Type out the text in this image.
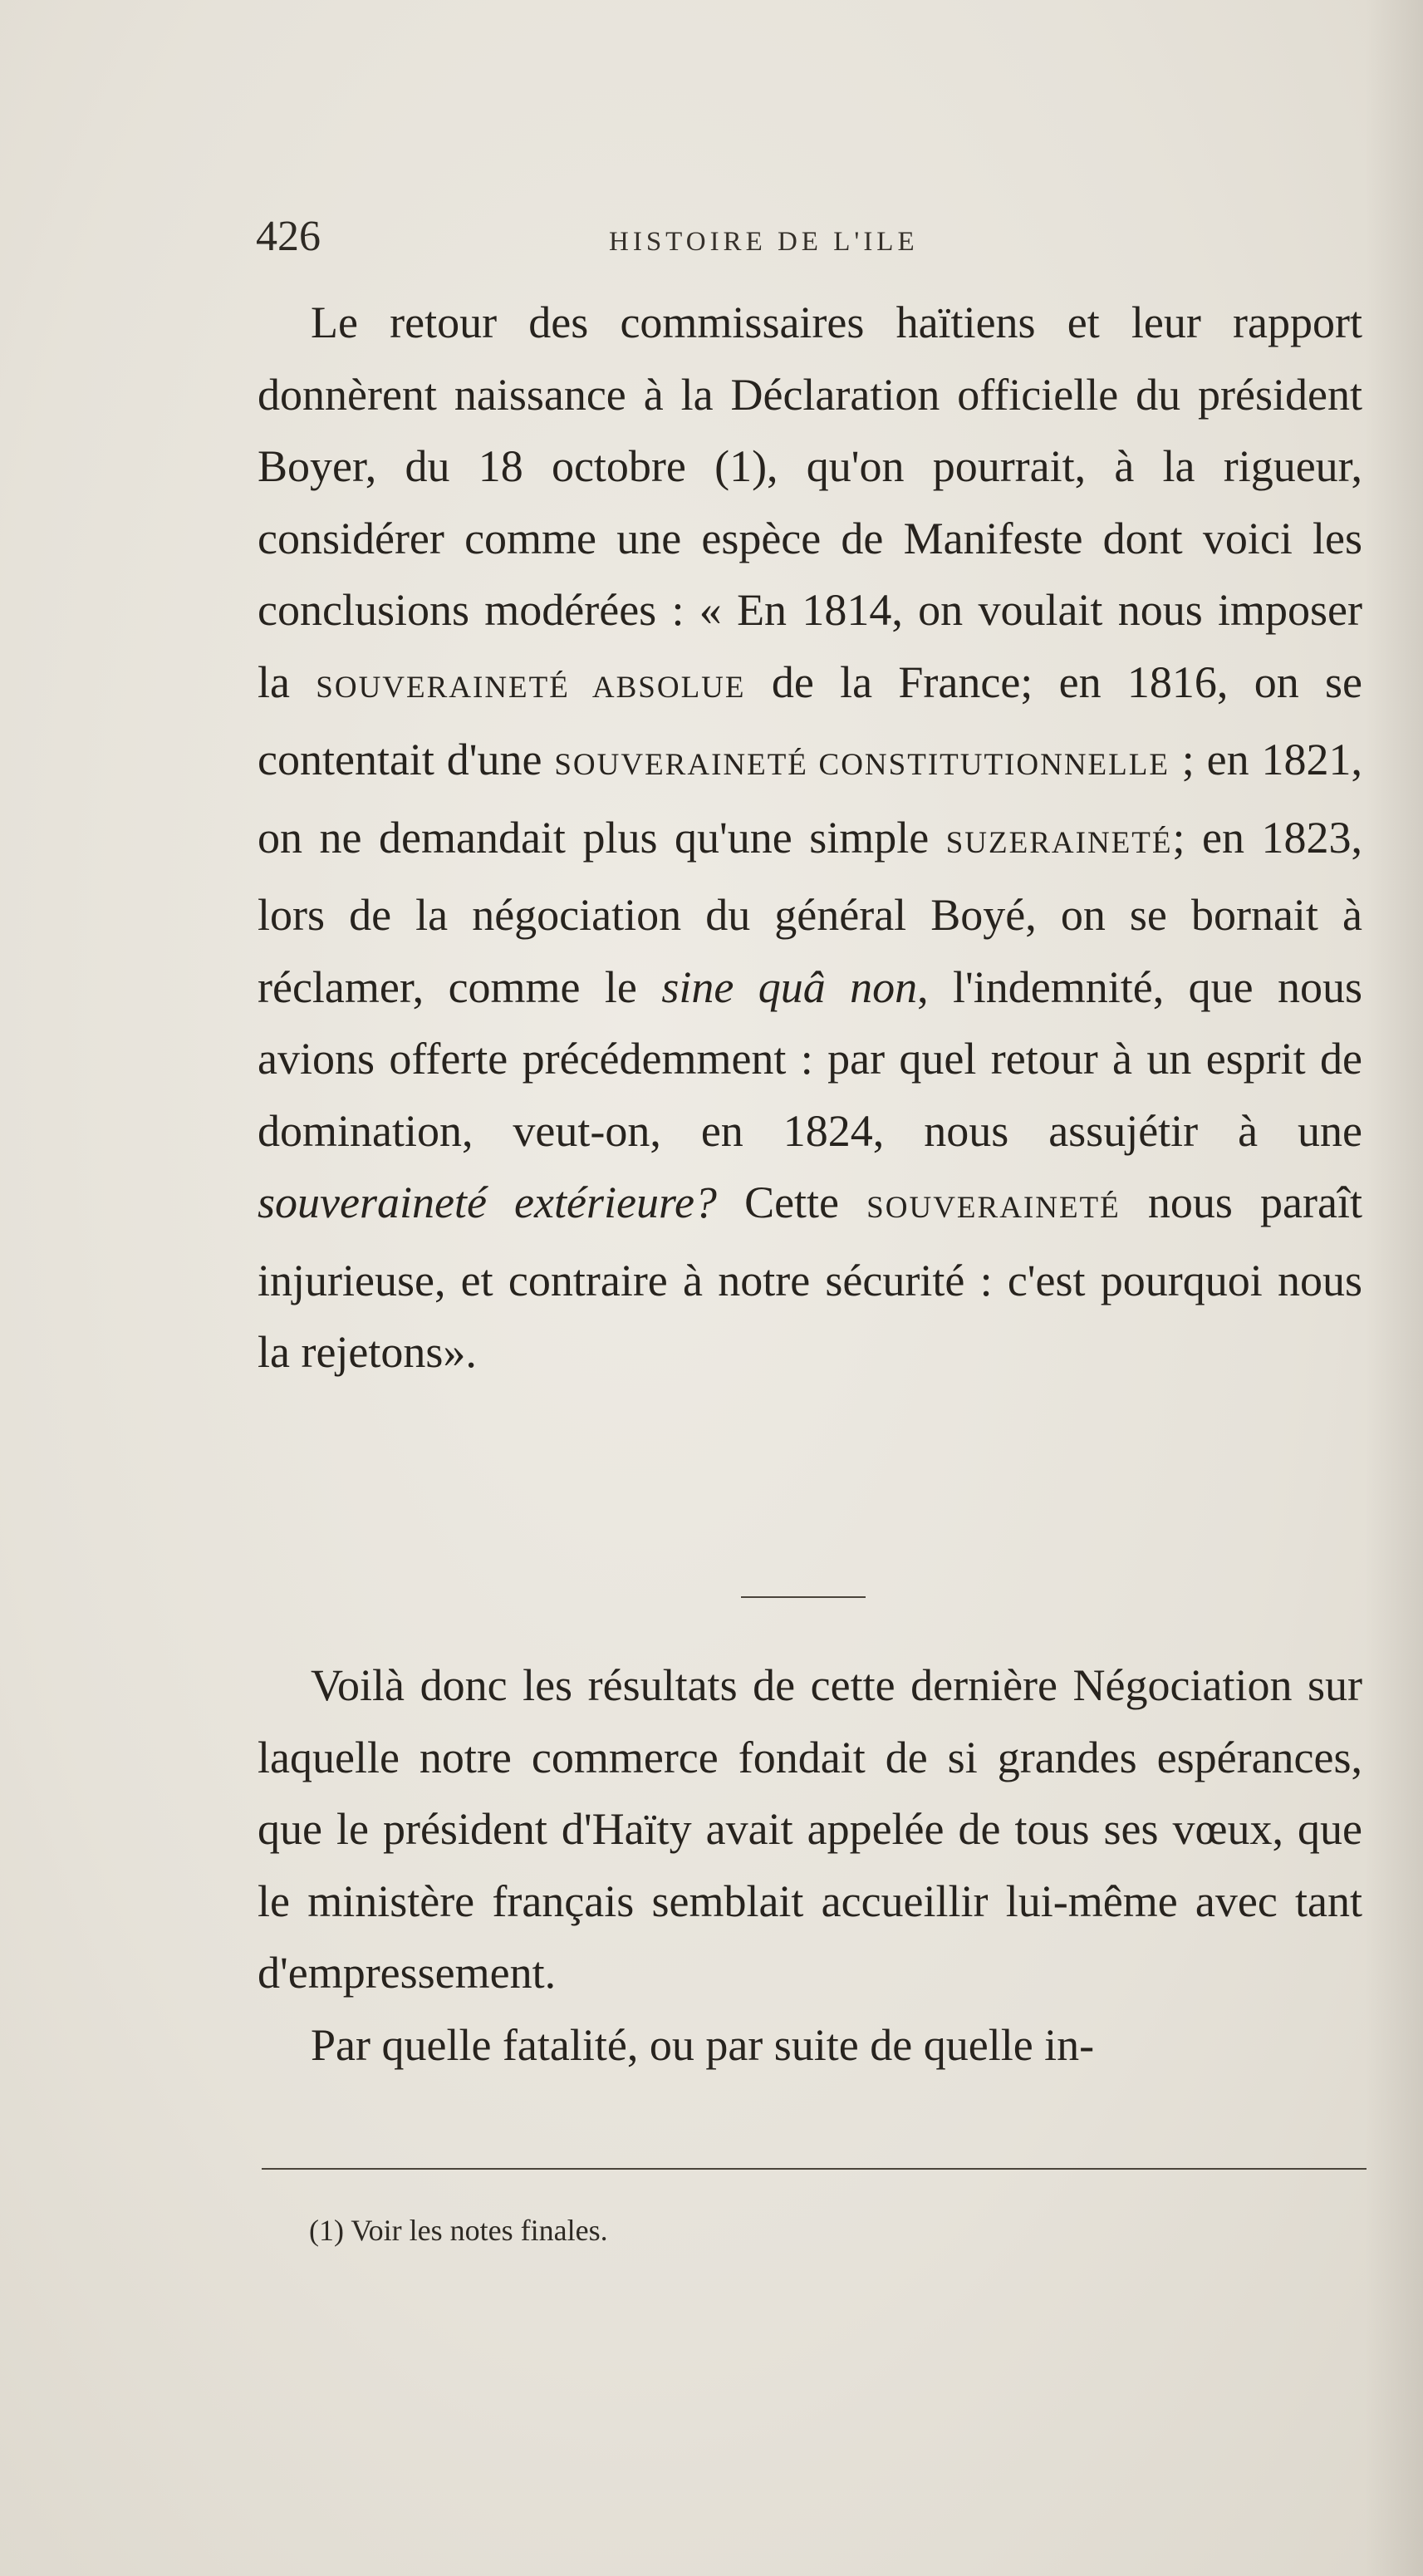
426	HISTOIRE DE L'ILE

Le retour des commissaires haïtiens et leur rapport donnèrent naissance à la Déclaration officielle du président Boyer, du 18 octobre (1), qu'on pourrait, à la rigueur, considérer comme une espèce de Manifeste dont voici les conclusions modérées : « En 1814, on voulait nous imposer la SOUVERAINETÉ ABSOLUE de la France; en 1816, on se contentait d'une SOUVERAINETÉ CONSTITUTIONNELLE ; en 1821, on ne demandait plus qu'une simple SUZERAINETÉ; en 1823, lors de la négociation du général Boyé, on se bornait à réclamer, comme le sine quâ non, l'indemnité, que nous avions offerte précédemment : par quel retour à un esprit de domination, veut-on, en 1824, nous assujétir à une souveraineté extérieure? Cette SOUVERAINETÉ nous paraît injurieuse, et contraire à notre sécurité : c'est pourquoi nous la rejetons».

Voilà donc les résultats de cette dernière Négociation sur laquelle notre commerce fondait de si grandes espérances, que le président d'Haïty avait appelée de tous ses vœux, que le ministère français semblait accueillir lui-même avec tant d'empressement.

Par quelle fatalité, ou par suite de quelle in-

(1) Voir les notes finales.
